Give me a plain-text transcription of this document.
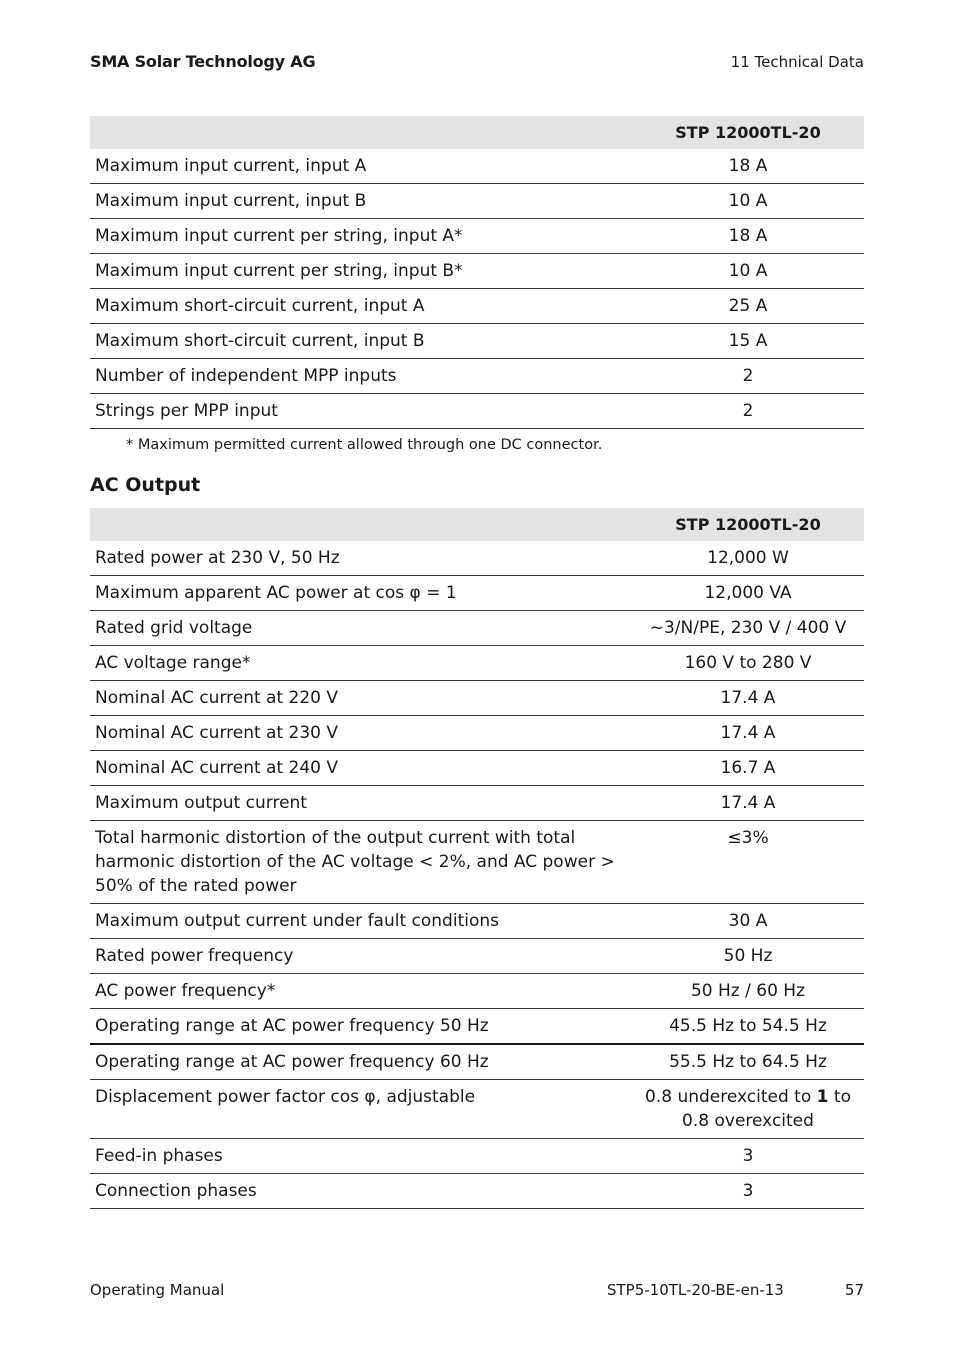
SMA Solar Technology AG	11 Technical Data
	STP 12000TL-20
Maximum input current, input A	18 A
Maximum input current, input B	10 A
Maximum input current per string, input A*	18 A
Maximum input current per string, input B*	10 A
Maximum short-circuit current, input A	25 A
Maximum short-circuit current, input B	15 A
Number of independent MPP inputs	2
Strings per MPP input	2
* Maximum permitted current allowed through one DC connector.
AC Output
	STP 12000TL-20
Rated power at 230 V, 50 Hz	12,000 W
Maximum apparent AC power at cos φ = 1	12,000 VA
Rated grid voltage	~3/N/PE, 230 V / 400 V
AC voltage range*	160 V to 280 V
Nominal AC current at 220 V	17.4 A
Nominal AC current at 230 V	17.4 A
Nominal AC current at 240 V	16.7 A
Maximum output current	17.4 A
Total harmonic distortion of the output current with total harmonic distortion of the AC voltage < 2%, and AC power > 50% of the rated power	≤3%
Maximum output current under fault conditions	30 A
Rated power frequency	50 Hz
AC power frequency*	50 Hz / 60 Hz
Operating range at AC power frequency 50 Hz	45.5 Hz to 54.5 Hz
Operating range at AC power frequency 60 Hz	55.5 Hz to 64.5 Hz
Displacement power factor cos φ, adjustable	0.8 underexcited to 1 to 0.8 overexcited
Feed-in phases	3
Connection phases	3
Operating Manual	STP5-10TL-20-BE-en-13	57
